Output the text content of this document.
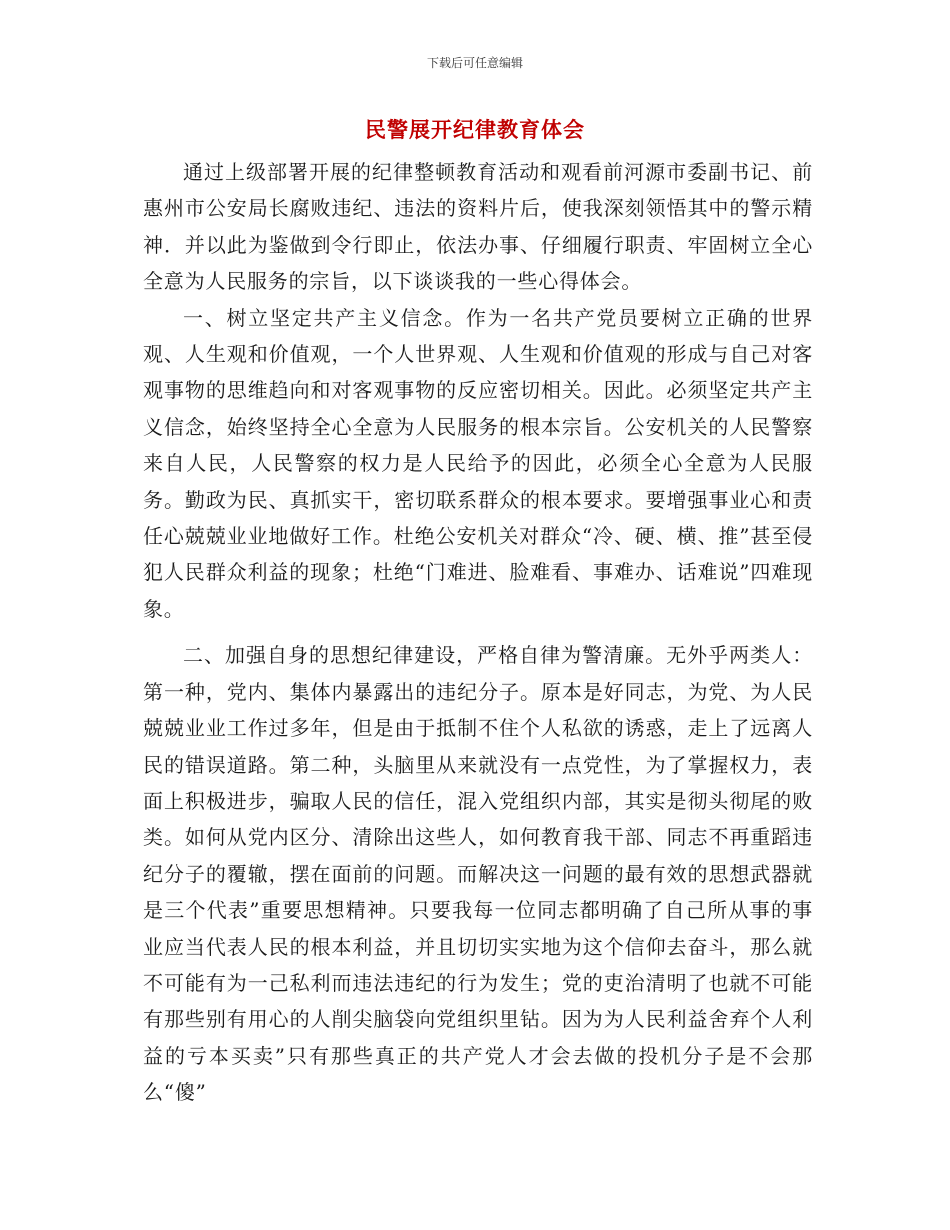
下载后可任意编辑
民警展开纪律教育体会

通过上级部署开展的纪律整顿教育活动和观看前河源市委副书记、前惠州市公安局长腐败违纪、违法的资料片后，使我深刻领悟其中的警示精神．并以此为鉴做到令行即止，依法办事、仔细履行职责、牢固树立全心全意为人民服务的宗旨，以下谈谈我的一些心得体会。

一、树立坚定共产主义信念。作为一名共产党员要树立正确的世界观、人生观和价值观，一个人世界观、人生观和价值观的形成与自己对客观事物的思维趋向和对客观事物的反应密切相关。因此。必须坚定共产主义信念，始终坚持全心全意为人民服务的根本宗旨。公安机关的人民警察来自人民，人民警察的权力是人民给予的因此，必须全心全意为人民服务。勤政为民、真抓实干，密切联系群众的根本要求。要增强事业心和责任心兢兢业业地做好工作。杜绝公安机关对群众“冷、硬、横、推”甚至侵犯人民群众利益的现象；杜绝“门难进、脸难看、事难办、话难说”四难现象。

二、加强自身的思想纪律建设，严格自律为警清廉。无外乎两类人：第一种，党内、集体内暴露出的违纪分子。原本是好同志，为党、为人民兢兢业业工作过多年，但是由于抵制不住个人私欲的诱惑，走上了远离人民的错误道路。第二种，头脑里从来就没有一点党性，为了掌握权力，表面上积极进步，骗取人民的信任，混入党组织内部，其实是彻头彻尾的败类。如何从党内区分、清除出这些人，如何教育我干部、同志不再重蹈违纪分子的覆辙，摆在面前的问题。而解决这一问题的最有效的思想武器就是三个代表”重要思想精神。只要我每一位同志都明确了自己所从事的事业应当代表人民的根本利益，并且切切实实地为这个信仰去奋斗，那么就不可能有为一己私利而违法违纪的行为发生；党的吏治清明了也就不可能有那些别有用心的人削尖脑袋向党组织里钻。因为为人民利益舍弃个人利益的亏本买卖”只有那些真正的共产党人才会去做的投机分子是不会那么“傻”
